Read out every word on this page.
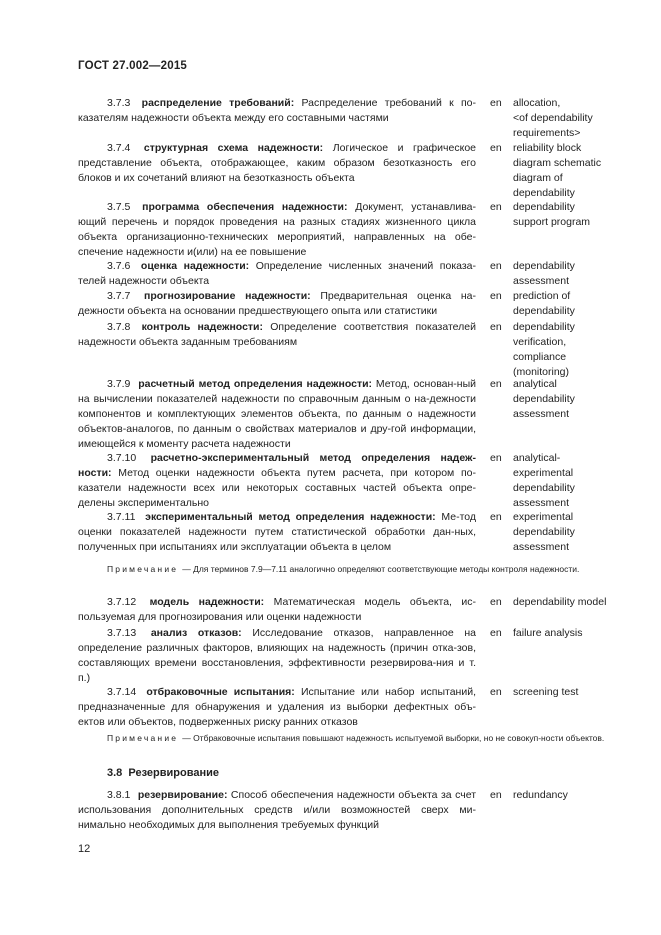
ГОСТ 27.002—2015
3.7.3 распределение требований: Распределение требований к по-казателям надежности объекта между его составными частями
en allocation,
<of dependability
requirements>
3.7.4 структурная схема надежности: Логическое и графическое представление объекта, отображающее, каким образом безотказность его блоков и их сочетаний влияют на безотказность объекта
en reliability block
diagram schematic
diagram of
dependability
3.7.5 программа обеспечения надежности: Документ, устанавлива-ющий перечень и порядок проведения на разных стадиях жизненного цикла объекта организационно-технических мероприятий, направленных на обе-спечение надежности и(или) на ее повышение
en dependability
support program
3.7.6 оценка надежности: Определение численных значений показа-телей надежности объекта
en dependability
assessment
3.7.7 прогнозирование надежности: Предварительная оценка на-дежности объекта на основании предшествующего опыта или статистики
en prediction of
dependability
3.7.8 контроль надежности: Определение соответствия показателей надежности объекта заданным требованиям
en dependability
verification,
compliance
(monitoring)
3.7.9 расчетный метод определения надежности: Метод, основан-ный на вычислении показателей надежности по справочным данным о на-дежности компонентов и комплектующих элементов объекта, по данным о надежности объектов-аналогов, по данным о свойствах материалов и дру-гой информации, имеющейся к моменту расчета надежности
en analytical
dependability
assessment
3.7.10 расчетно-экспериментальный метод определения надеж-ности: Метод оценки надежности объекта путем расчета, при котором по-казатели надежности всех или некоторых составных частей объекта опре-делены экспериментально
en analytical-
experimental
dependability
assessment
3.7.11 экспериментальный метод определения надежности: Ме-тод оценки показателей надежности путем статистической обработки дан-ных, полученных при испытаниях или эксплуатации объекта в целом
en experimental
dependability
assessment
Примечание — Для терминов 7.9—7.11 аналогично определяют соответствующие методы контроля надежности.
3.7.12 модель надежности: Математическая модель объекта, ис-пользуемая для прогнозирования или оценки надежности
en dependability model
3.7.13 анализ отказов: Исследование отказов, направленное на определение различных факторов, влияющих на надежность (причин отка-зов, составляющих времени восстановления, эффективности резервирова-ния и т. п.)
en failure analysis
3.7.14 отбраковочные испытания: Испытание или набор испытаний, предназначенные для обнаружения и удаления из выборки дефектных объ-ектов или объектов, подверженных риску ранних отказов
en screening test
Примечание — Отбраковочные испытания повышают надежность испытуемой выборки, но не совокуп-ности объектов.
3.8 Резервирование
3.8.1 резервирование: Способ обеспечения надежности объекта за счет использования дополнительных средств и/или возможностей сверх ми-нимально необходимых для выполнения требуемых функций
en redundancy
12
